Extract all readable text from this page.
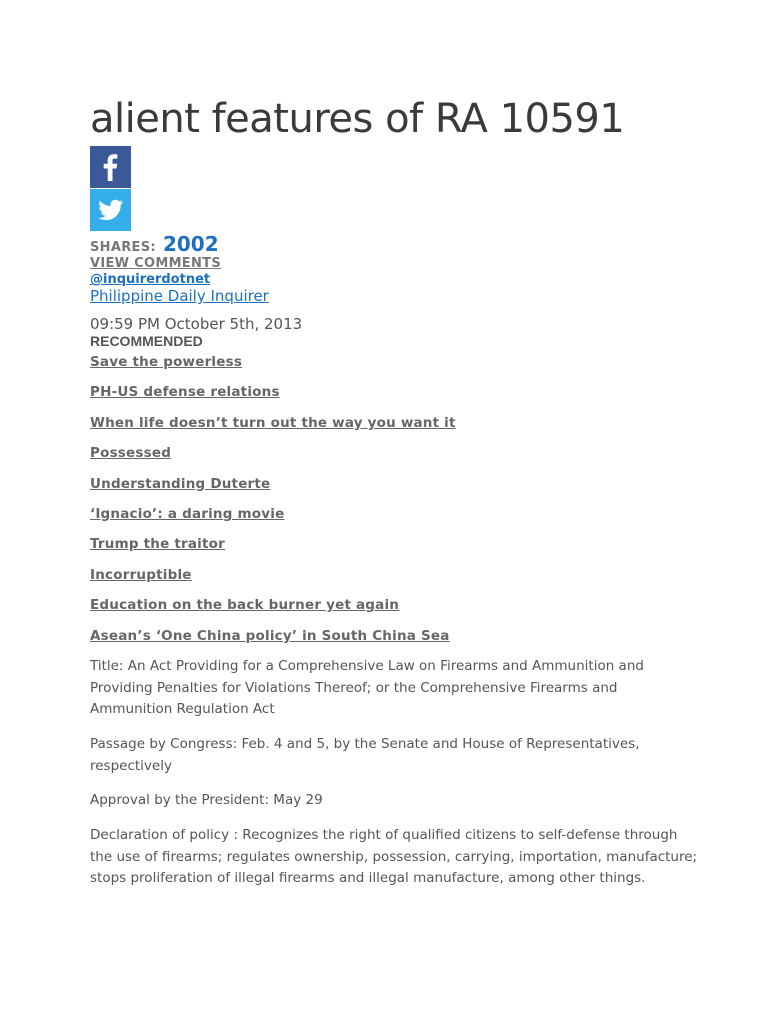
alient features of RA 10591
SHARES: 2002
VIEW COMMENTS
@inquirerdotnet
Philippine Daily Inquirer
09:59 PM October 5th, 2013
RECOMMENDED
Save the powerless
PH-US defense relations
When life doesn’t turn out the way you want it
Possessed
Understanding Duterte
‘Ignacio’: a daring movie
Trump the traitor
Incorruptible
Education on the back burner yet again
Asean’s ‘One China policy’ in South China Sea

Title: An Act Providing for a Comprehensive Law on Firearms and Ammunition and Providing Penalties for Violations Thereof; or the Comprehensive Firearms and Ammunition Regulation Act

Passage by Congress: Feb. 4 and 5, by the Senate and House of Representatives, respectively

Approval by the President: May 29

Declaration of policy : Recognizes the right of qualified citizens to self-defense through the use of firearms; regulates ownership, possession, carrying, importation, manufacture; stops proliferation of illegal firearms and illegal manufacture, among other things.
